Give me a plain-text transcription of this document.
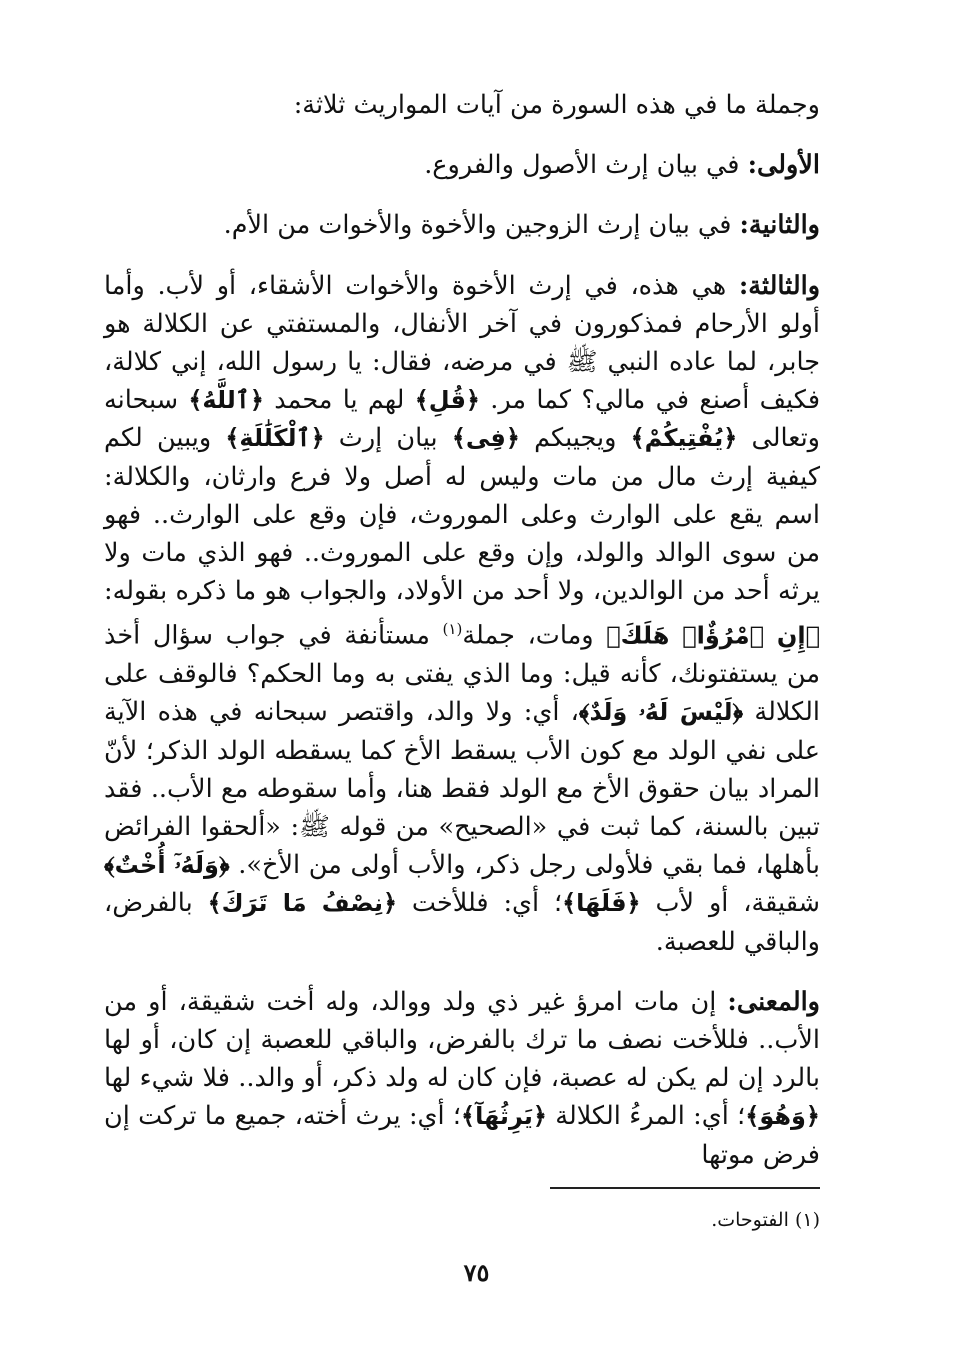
وجملة ما في هذه السورة من آيات المواريث ثلاثة:

الأولى: في بيان إرث الأصول والفروع.

والثانية: في بيان إرث الزوجين والأخوة والأخوات من الأم.

والثالثة: هي هذه، في إرث الأخوة والأخوات الأشقاء، أو لأب. وأما أولو الأرحام فمذكورون في آخر الأنفال، والمستفتي عن الكلالة هو جابر، لما عاده النبي ﷺ في مرضه، فقال: يا رسول الله، إني كلالة، فكيف أصنع في مالي؟ كما مر. ﴿قُلِ﴾ لهم يا محمد ﴿ٱللَّهُ﴾ سبحانه وتعالى ﴿يُفْتِيكُمْ﴾ ويجيبكم ﴿فِى﴾ بيان إرث ﴿ٱلْكَلَٰلَةِ﴾ ويبين لكم كيفية إرث مال من مات وليس له أصل ولا فرع وارثان، والكلالة: اسم يقع على الوارث وعلى الموروث، فإن وقع على الوارث.. فهو من سوى الوالد والولد، وإن وقع على الموروث.. فهو الذي مات ولا يرثه أحد من الوالدين، ولا أحد من الأولاد، والجواب هو ما ذكره بقوله: ﴿إِنِ ٱمْرُؤٌا۟ هَلَكَ﴾ ومات، جملة$^{(١)}$ مستأنفة في جواب سؤال أخذ من يستفتونك، كأنه قيل: وما الذي يفتى به وما الحكم؟ فالوقف على الكلالة ﴿لَيْسَ لَهُۥ وَلَدٌ﴾، أي: ولا والد، واقتصر سبحانه في هذه الآية على نفي الولد مع كون الأب يسقط الأخ كما يسقطه الولد الذكر؛ لأنّ المراد بيان حقوق الأخ مع الولد فقط هنا، وأما سقوطه مع الأب.. فقد تبين بالسنة، كما ثبت في «الصحيح» من قوله ﷺ: «ألحقوا الفرائض بأهلها، فما بقي فلأولى رجل ذكر، والأب أولى من الأخ». ﴿وَلَهُۥٓ أُخْتٌ﴾ شقيقة، أو لأب ﴿فَلَهَا﴾؛ أي: فللأخت ﴿نِصْفُ مَا تَرَكَ﴾ بالفرض، والباقي للعصبة.

والمعنى: إن مات امرؤ غير ذي ولد ووالد، وله أخت شقيقة، أو من الأب.. فللأخت نصف ما ترك بالفرض، والباقي للعصبة إن كان، أو لها بالرد إن لم يكن له عصبة، فإن كان له ولد ذكر، أو والد.. فلا شيء لها ﴿وَهُوَ﴾؛ أي: المرءُ الكلالة ﴿يَرِثُهَآ﴾؛ أي: يرث أخته، جميع ما تركت إن فرض موتها

(١) الفتوحات.
٧٥
